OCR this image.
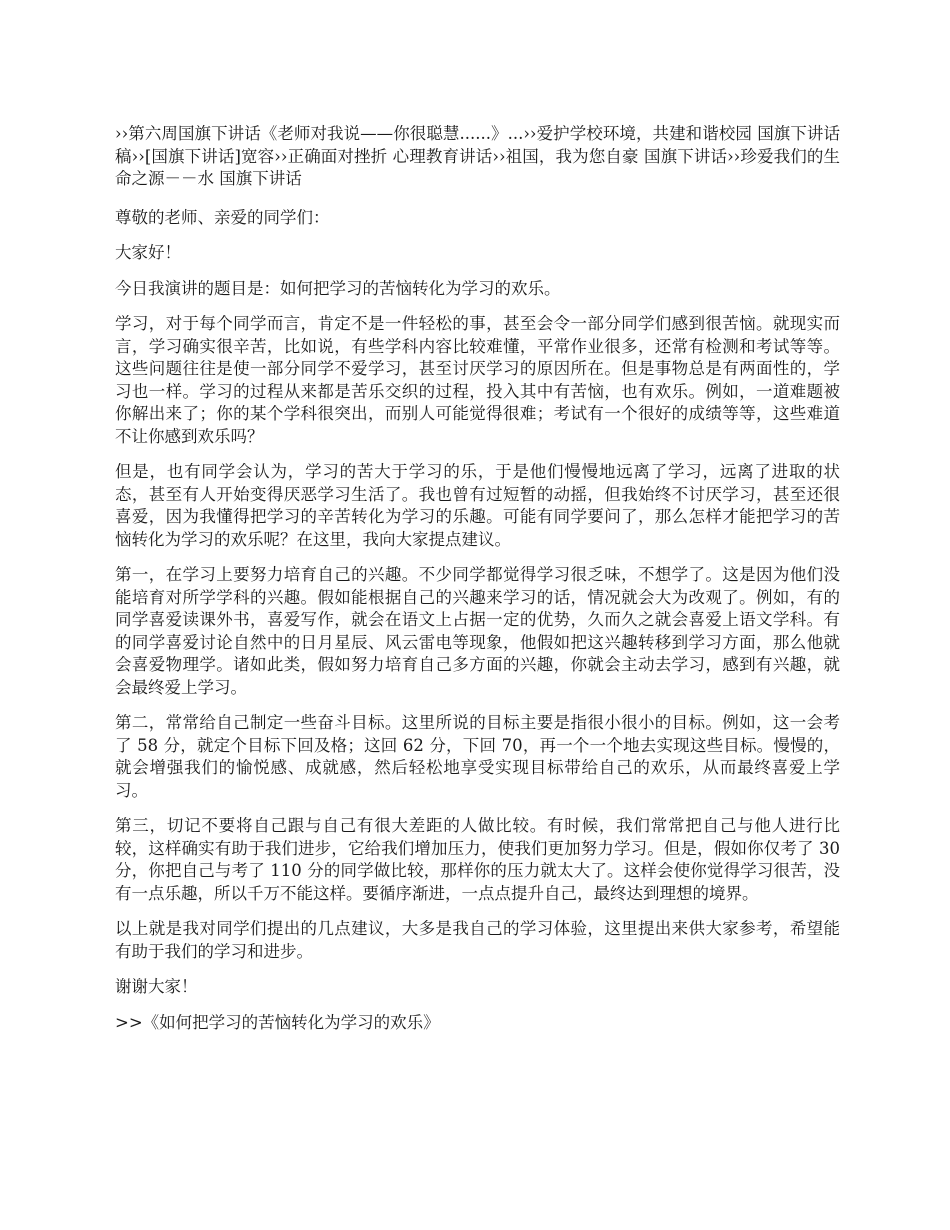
››第六周国旗下讲话《老师对我说——你很聪慧......》...››爱护学校环境，共建和谐校园 国旗下讲话稿››[国旗下讲话]宽容››正确面对挫折 心理教育讲话››祖国，我为您自豪 国旗下讲话››珍爱我们的生命之源－－水 国旗下讲话

尊敬的老师、亲爱的同学们：

大家好！

今日我演讲的题目是：如何把学习的苦恼转化为学习的欢乐。

学习，对于每个同学而言，肯定不是一件轻松的事，甚至会令一部分同学们感到很苦恼。就现实而言，学习确实很辛苦，比如说，有些学科内容比较难懂，平常作业很多，还常有检测和考试等等。这些问题往往是使一部分同学不爱学习，甚至讨厌学习的原因所在。但是事物总是有两面性的，学习也一样。学习的过程从来都是苦乐交织的过程，投入其中有苦恼，也有欢乐。例如，一道难题被你解出来了；你的某个学科很突出，而别人可能觉得很难；考试有一个很好的成绩等等，这些难道不让你感到欢乐吗？

但是，也有同学会认为，学习的苦大于学习的乐，于是他们慢慢地远离了学习，远离了进取的状态，甚至有人开始变得厌恶学习生活了。我也曾有过短暂的动摇，但我始终不讨厌学习，甚至还很喜爱，因为我懂得把学习的辛苦转化为学习的乐趣。可能有同学要问了，那么怎样才能把学习的苦恼转化为学习的欢乐呢？在这里，我向大家提点建议。

第一，在学习上要努力培育自己的兴趣。不少同学都觉得学习很乏味，不想学了。这是因为他们没能培育对所学学科的兴趣。假如能根据自己的兴趣来学习的话，情况就会大为改观了。例如，有的同学喜爱读课外书，喜爱写作，就会在语文上占据一定的优势，久而久之就会喜爱上语文学科。有的同学喜爱讨论自然中的日月星辰、风云雷电等现象，他假如把这兴趣转移到学习方面，那么他就会喜爱物理学。诸如此类，假如努力培育自己多方面的兴趣，你就会主动去学习，感到有兴趣，就会最终爱上学习。

第二，常常给自己制定一些奋斗目标。这里所说的目标主要是指很小很小的目标。例如，这一会考了 58 分，就定个目标下回及格；这回 62 分，下回 70，再一个一个地去实现这些目标。慢慢的，就会增强我们的愉悦感、成就感，然后轻松地享受实现目标带给自己的欢乐，从而最终喜爱上学习。

第三，切记不要将自己跟与自己有很大差距的人做比较。有时候，我们常常把自己与他人进行比较，这样确实有助于我们进步，它给我们增加压力，使我们更加努力学习。但是，假如你仅考了 30 分，你把自己与考了 110 分的同学做比较，那样你的压力就太大了。这样会使你觉得学习很苦，没有一点乐趣，所以千万不能这样。要循序渐进，一点点提升自己，最终达到理想的境界。

以上就是我对同学们提出的几点建议，大多是我自己的学习体验，这里提出来供大家参考，希望能有助于我们的学习和进步。

谢谢大家！

>>《如何把学习的苦恼转化为学习的欢乐》
